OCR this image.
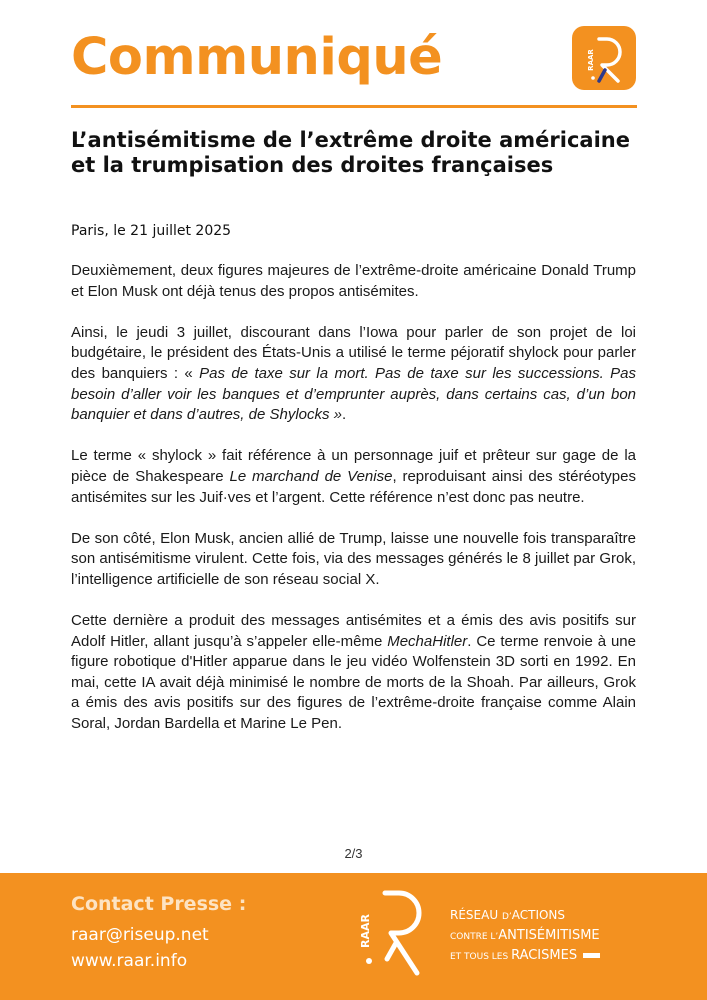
Communiqué	RAAR
L’antisémitisme de l’extrême droite américaine et la trumpisation des droites françaises
Paris, le 21 juillet 2025

Deuxièmement, deux figures majeures de l’extrême-droite américaine Donald Trump et Elon Musk ont déjà tenus des propos antisémites.

Ainsi, le jeudi 3 juillet, discourant dans l’Iowa pour parler de son projet de loi budgétaire, le président des États-Unis a utilisé le terme péjoratif shylock pour parler des banquiers : « Pas de taxe sur la mort. Pas de taxe sur les successions. Pas besoin d’aller voir les banques et d’emprunter auprès, dans certains cas, d’un bon banquier et dans d’autres, de Shylocks ».

Le terme « shylock » fait référence à un personnage juif et prêteur sur gage de la pièce de Shakespeare Le marchand de Venise, reproduisant ainsi des stéréotypes antisémites sur les Juif·ves et l’argent. Cette référence n’est donc pas neutre.

De son côté, Elon Musk, ancien allié de Trump, laisse une nouvelle fois transparaître son antisémitisme virulent. Cette fois, via des messages générés le 8 juillet par Grok, l’intelligence artificielle de son réseau social X.

Cette dernière a produit des messages antisémites et a émis des avis positifs sur Adolf Hitler, allant jusqu’à s’appeler elle-même MechaHitler. Ce terme renvoie à une figure robotique d'Hitler apparue dans le jeu vidéo Wolfenstein 3D sorti en 1992. En mai, cette IA avait déjà minimisé le nombre de morts de la Shoah. Par ailleurs, Grok a émis des avis positifs sur des figures de l’extrême-droite française comme Alain Soral, Jordan Bardella et Marine Le Pen.

2/3
Contact Presse :
raar@riseup.net
www.raar.info
RAAR	RÉSEAU D’ACTIONS
CONTRE L’ANTISÉMITISME
ET TOUS LES RACISMES
